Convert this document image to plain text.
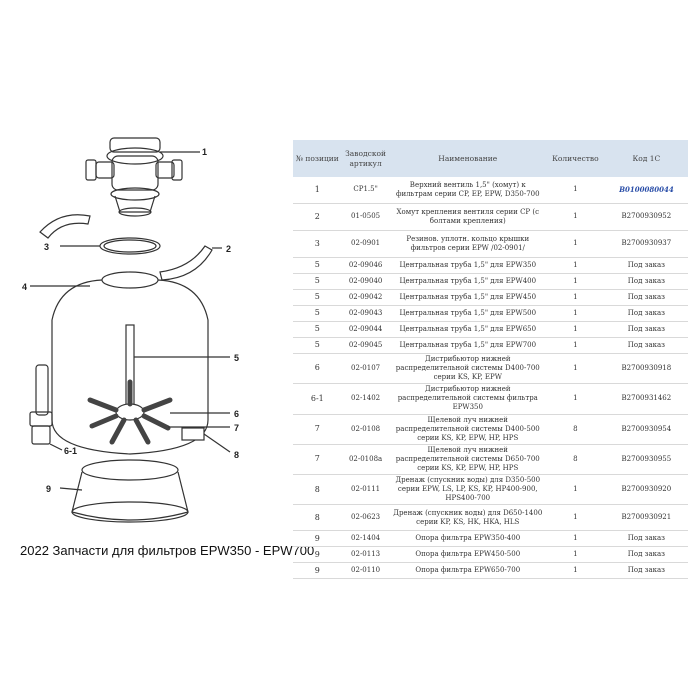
1
2
3
4
5
6
7
8
6-1
9
2022 Запчасти для фильтров EPW350 - EPW700
№ позиции	Заводской артикул	Наименование	Количество	Код 1С
1	CP1.5"	Верхний вентиль 1,5" (хомут) к фильтрам серии CP, EP, EPW, D350-700	1	В0100080044
2	01-0505	Хомут крепления вентиля серии CP (с болтами крепления)	1	В2700930952
3	02-0901	Резинов. уплотн. кольцо крышки фильтров серии EPW /02-0901/	1	В2700930937
5	02-09046	Центральная труба 1,5" для EPW350	1	Под заказ
5	02-09040	Центральная труба 1,5" для EPW400	1	Под заказ
5	02-09042	Центральная труба 1,5" для EPW450	1	Под заказ
5	02-09043	Центральная труба 1,5" для EPW500	1	Под заказ
5	02-09044	Центральная труба 1,5" для EPW650	1	Под заказ
5	02-09045	Центральная труба 1,5" для EPW700	1	Под заказ
6	02-0107	Дистрибьютор нижней распределительной системы D400-700 серии KS, KP, EPW	1	В2700930918
6-1	02-1402	Дистрибьютор нижней распределительной системы фильтра EPW350	1	В2700931462
7	02-0108	Щелевой луч нижней распределительной системы D400-500 серии KS, KP, EPW, HP, HPS	8	В2700930954
7	02-0108a	Щелевой луч нижней распределительной системы D650-700 серии KS, KP, EPW, HP, HPS	8	В2700930955
8	02-0111	Дренаж (спускник воды) для D350-500 серии EPW, LS, LP, KS, KP, HP400-900, HPS400-700	1	В2700930920
8	02-0623	Дренаж (спускник воды) для D650-1400 серии KP, KS, HK, HKA, HLS	1	В2700930921
9	02-1404	Опора фильтра EPW350-400	1	Под заказ
9	02-0113	Опора фильтра EPW450-500	1	Под заказ
9	02-0110	Опора фильтра EPW650-700	1	Под заказ
